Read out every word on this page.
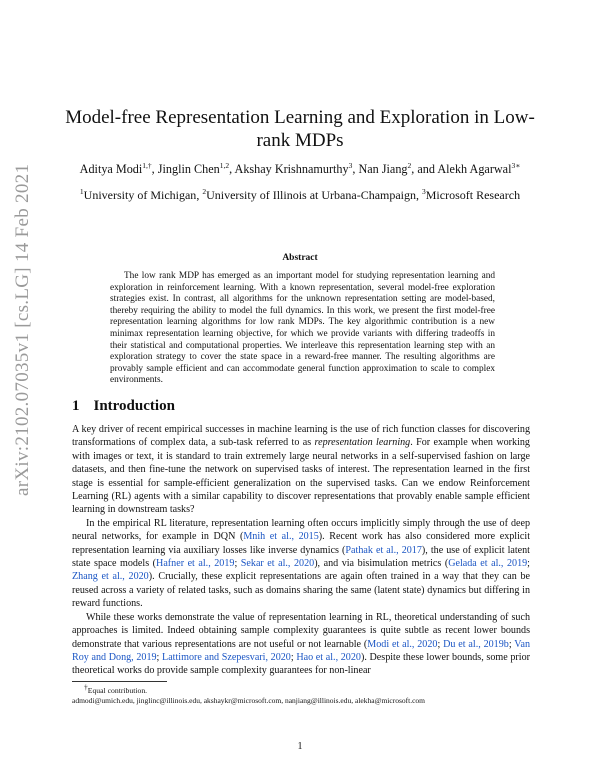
arXiv:2102.07035v1 [cs.LG] 14 Feb 2021
Model-free Representation Learning and Exploration in Low-rank MDPs
Aditya Modi$^{1,\dagger}$, Jinglin Chen$^{1,2}$, Akshay Krishnamurthy$^3$, Nan Jiang$^2$, and Alekh Agarwal$^{3∗}$
$^1$University of Michigan, $^2$University of Illinois at Urbana-Champaign, $^3$Microsoft Research
Abstract

The low rank MDP has emerged as an important model for studying representation learning and exploration in reinforcement learning. With a known representation, several model-free exploration strategies exist. In contrast, all algorithms for the unknown representation setting are model-based, thereby requiring the ability to model the full dynamics. In this work, we present the first model-free representation learning algorithms for low rank MDPs. The key algorithmic contribution is a new minimax representation learning objective, for which we provide variants with differing tradeoffs in their statistical and computational properties. We interleave this representation learning step with an exploration strategy to cover the state space in a reward-free manner. The resulting algorithms are provably sample efficient and can accommodate general function approximation to scale to complex environments.

1 Introduction

A key driver of recent empirical successes in machine learning is the use of rich function classes for discovering transformations of complex data, a sub-task referred to as representation learning. For example when working with images or text, it is standard to train extremely large neural networks in a self-supervised fashion on large datasets, and then fine-tune the network on supervised tasks of interest. The representation learned in the first stage is essential for sample-efficient generalization on the supervised tasks. Can we endow Reinforcement Learning (RL) agents with a similar capability to discover representations that provably enable sample efficient learning in downstream tasks?

In the empirical RL literature, representation learning often occurs implicitly simply through the use of deep neural networks, for example in DQN (Mnih et al., 2015). Recent work has also considered more explicit representation learning via auxiliary losses like inverse dynamics (Pathak et al., 2017), the use of explicit latent state space models (Hafner et al., 2019; Sekar et al., 2020), and via bisimulation metrics (Gelada et al., 2019; Zhang et al., 2020). Crucially, these explicit representations are again often trained in a way that they can be reused across a variety of related tasks, such as domains sharing the same (latent state) dynamics but differing in reward functions.

While these works demonstrate the value of representation learning in RL, theoretical understanding of such approaches is limited. Indeed obtaining sample complexity guarantees is quite subtle as recent lower bounds demonstrate that various representations are not useful or not learnable (Modi et al., 2020; Du et al., 2019b; Van Roy and Dong, 2019; Lattimore and Szepesvari, 2020; Hao et al., 2020). Despite these lower bounds, some prior theoretical works do provide sample complexity guarantees for non-linear

†Equal contribution.
admodi@umich.edu, jinglinc@illinois.edu, akshaykr@microsoft.com, nanjiang@illinois.edu, alekha@microsoft.com
1
